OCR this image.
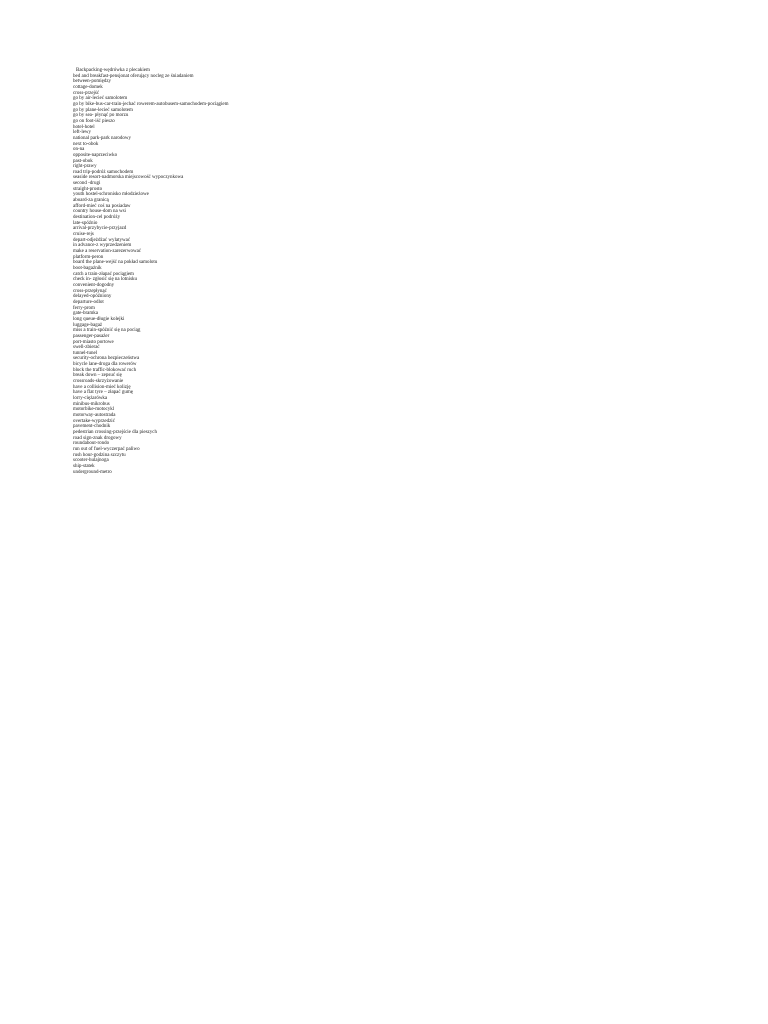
Backpacking-wędrówka z plecakiem
bed and breakfast-pensjonat oferujący nocleg ze śniadaniem
between-pomiędzy
cottage-domek
cross-przejść
go by air-lecieć samolotem
go by bike-bus-car-train-jechać rowerem-autobusem-samochodem-pociągiem
go by plane-lecieć samolotem
go by sea- płynąć po morzu
go on foot-iść pieszo
hotel-hotel
left-lewy
national park-park narodowy
next to-obok
on-na
opposite-naprzeciwko
past-obok
right-prawy
road trip-podróż samochodem
seaside resort-nadmorska miejscowość wypoczynkowa
second -drugi
straight-prosto
youth hostel-schronisko młodzieżowe
aboard-za granicą
afford-mieć coś na posiadaw
country house-dom na wsi
destination-cel podróży
late-spóźnio
arrival-przybycie-przyjazd
cruise-rejs
depart-odjeżdżać wylatywać
in advance-z wyprzedzeniem
make a reservation-zarezerwować
platform-peron
board the plane-wejść na pokład samolotu
boot-bagażnik
catch a train-złapać pociągiem
check in- zgłosić się na lotnisku
convenient-dogodny
cross-przepłynąć
delayed-opóźniony
departure-odlot
ferry-prom
gate-bramka
long queue-długie kolejki
luggage-bagaż
miss a train-spóźnić się na pociąg
passenger-pasażer
port-miasto portowe
swell-zbierać
tunnel-tunel
security-ochrona bezpieczeństwa
bicycle lane-droga dla rowerów
block the traffic-blokować ruch
break down – zepsuć się
crossroads-skrzyżowanie
have a collision-mieć kolizję
have a flat tyre – złapać gumę
lorry-ciężarówka
minibus-mikrobus
motorbike-motocykl
motorway-autostrada
overtake-wyprzedzić
pavement-chodnik
pedestrian crossing-przejście dla pieszych
road sign-znak drogowy
roundabout-rondo
run out of fuel-wyczerpać paliwo
rush hour-godzina szczytu
scooter-hulajnoga
ship-statek
underground-metro
